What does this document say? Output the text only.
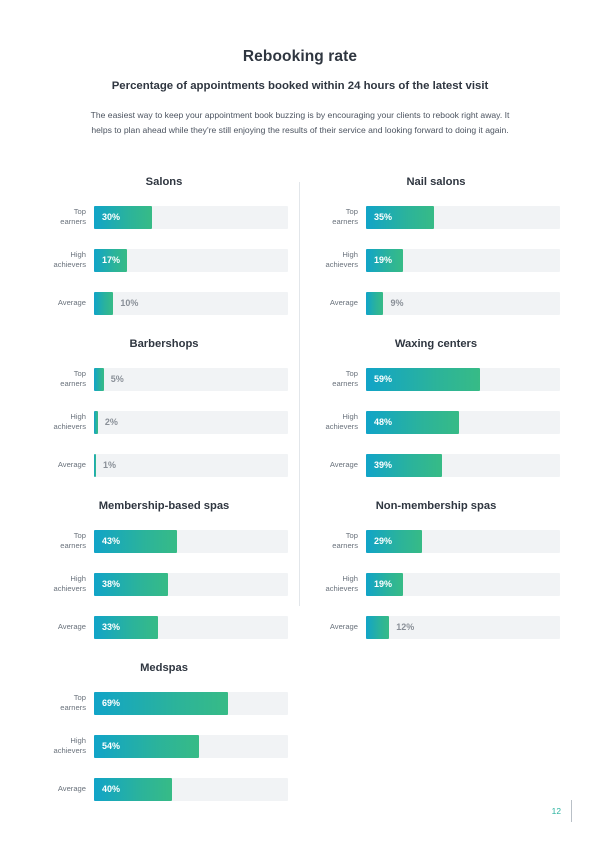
Rebooking rate
Percentage of appointments booked within 24 hours of the latest visit
The easiest way to keep your appointment book buzzing is by encouraging your clients to rebook right away. It helps to plan ahead while they're still enjoying the results of their service and looking forward to doing it again.
Salons
Top
earners 30%
High
achievers 17%
Average	10%
Nail salons
Top
earners 35%
High
achievers 19%
Average	9%
Barbershops
Top
earners	5%
High
achievers 2%
Average	1%
Waxing centers
Top
earners 59%
High
achievers 48%
Average	39%
Membership-based spas
Top
earners 43%
High
achievers 38%
Average	33%
Non-membership spas
Top
earners 29%
High
achievers 19%
Average	12%
Medspas
Top
earners 69%
High
achievers 54%
Average	40%
12
